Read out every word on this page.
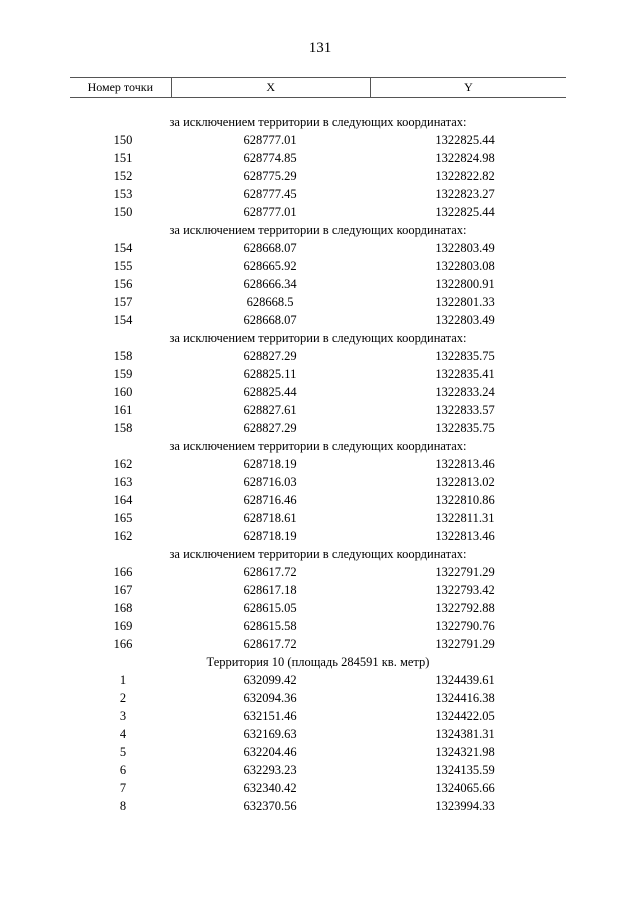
131
Номер точки	X	Y
за исключением территории в следующих координатах:
150	628777.01	1322825.44
151	628774.85	1322824.98
152	628775.29	1322822.82
153	628777.45	1322823.27
150	628777.01	1322825.44
за исключением территории в следующих координатах:
154	628668.07	1322803.49
155	628665.92	1322803.08
156	628666.34	1322800.91
157	628668.5	1322801.33
154	628668.07	1322803.49
за исключением территории в следующих координатах:
158	628827.29	1322835.75
159	628825.11	1322835.41
160	628825.44	1322833.24
161	628827.61	1322833.57
158	628827.29	1322835.75
за исключением территории в следующих координатах:
162	628718.19	1322813.46
163	628716.03	1322813.02
164	628716.46	1322810.86
165	628718.61	1322811.31
162	628718.19	1322813.46
за исключением территории в следующих координатах:
166	628617.72	1322791.29
167	628617.18	1322793.42
168	628615.05	1322792.88
169	628615.58	1322790.76
166	628617.72	1322791.29
Территория 10 (площадь 284591 кв. метр)
1	632099.42	1324439.61
2	632094.36	1324416.38
3	632151.46	1324422.05
4	632169.63	1324381.31
5	632204.46	1324321.98
6	632293.23	1324135.59
7	632340.42	1324065.66
8	632370.56	1323994.33
